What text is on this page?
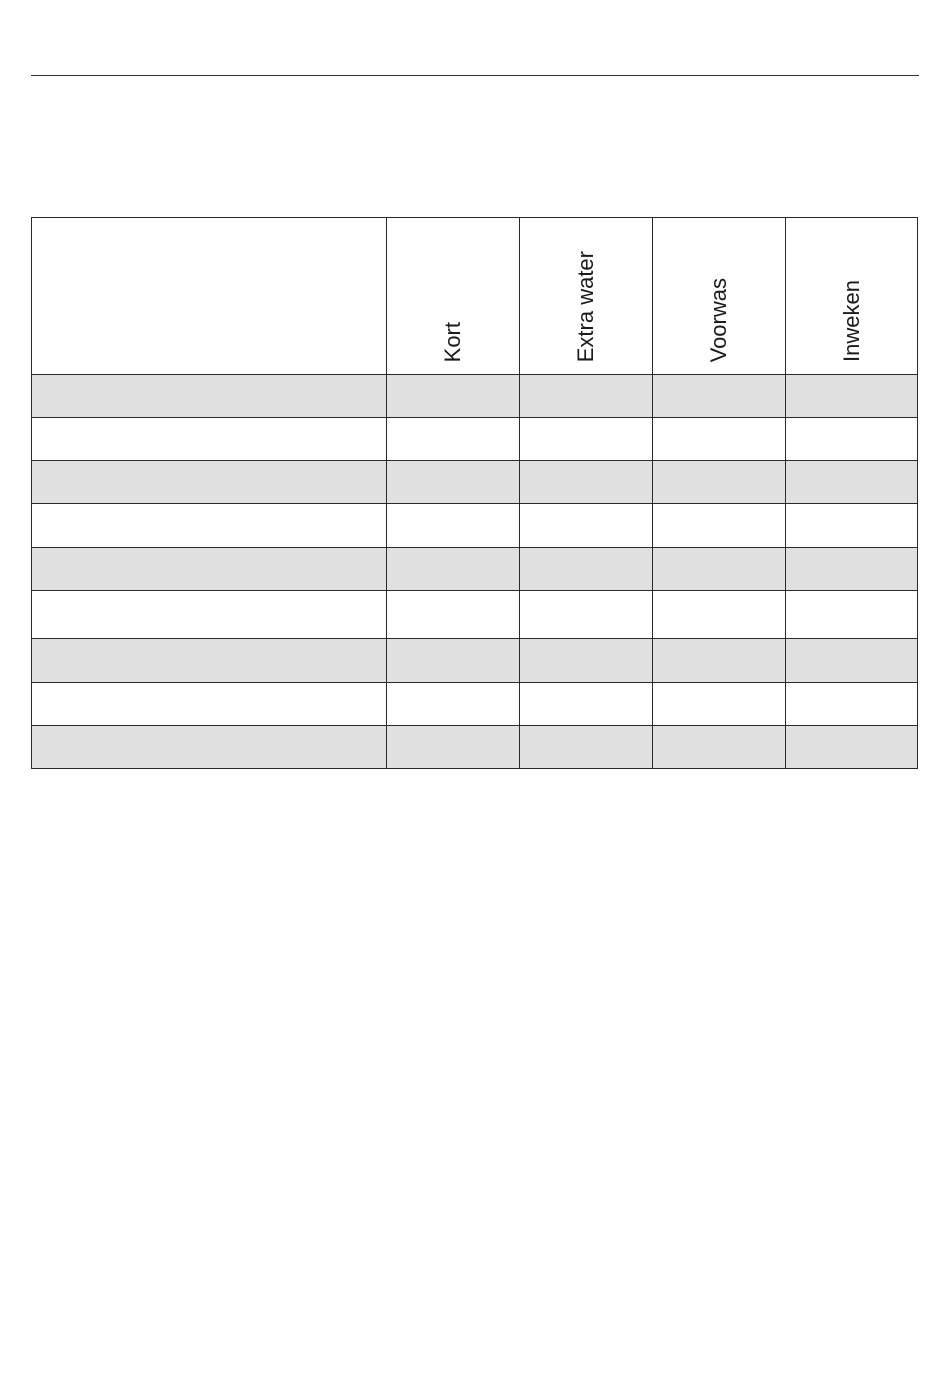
	Kort	Extra water	Voorwas	Inweken
